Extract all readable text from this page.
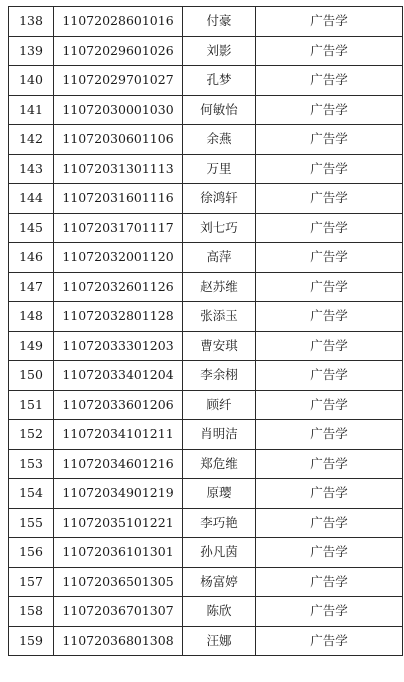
138	11072028601016	付豪	广告学
139	11072029601026	刘影	广告学
140	11072029701027	孔梦	广告学
141	11072030001030	何敏怡	广告学
142	11072030601106	余燕	广告学
143	11072031301113	万里	广告学
144	11072031601116	徐鸿轩	广告学
145	11072031701117	刘七巧	广告学
146	11072032001120	高萍	广告学
147	11072032601126	赵苏维	广告学
148	11072032801128	张添玉	广告学
149	11072033301203	曹安琪	广告学
150	11072033401204	李余栩	广告学
151	11072033601206	顾纤	广告学
152	11072034101211	肖明洁	广告学
153	11072034601216	郑危维	广告学
154	11072034901219	原璎	广告学
155	11072035101221	李巧艳	广告学
156	11072036101301	孙凡茵	广告学
157	11072036501305	杨富婷	广告学
158	11072036701307	陈欣	广告学
159	11072036801308	汪娜	广告学
